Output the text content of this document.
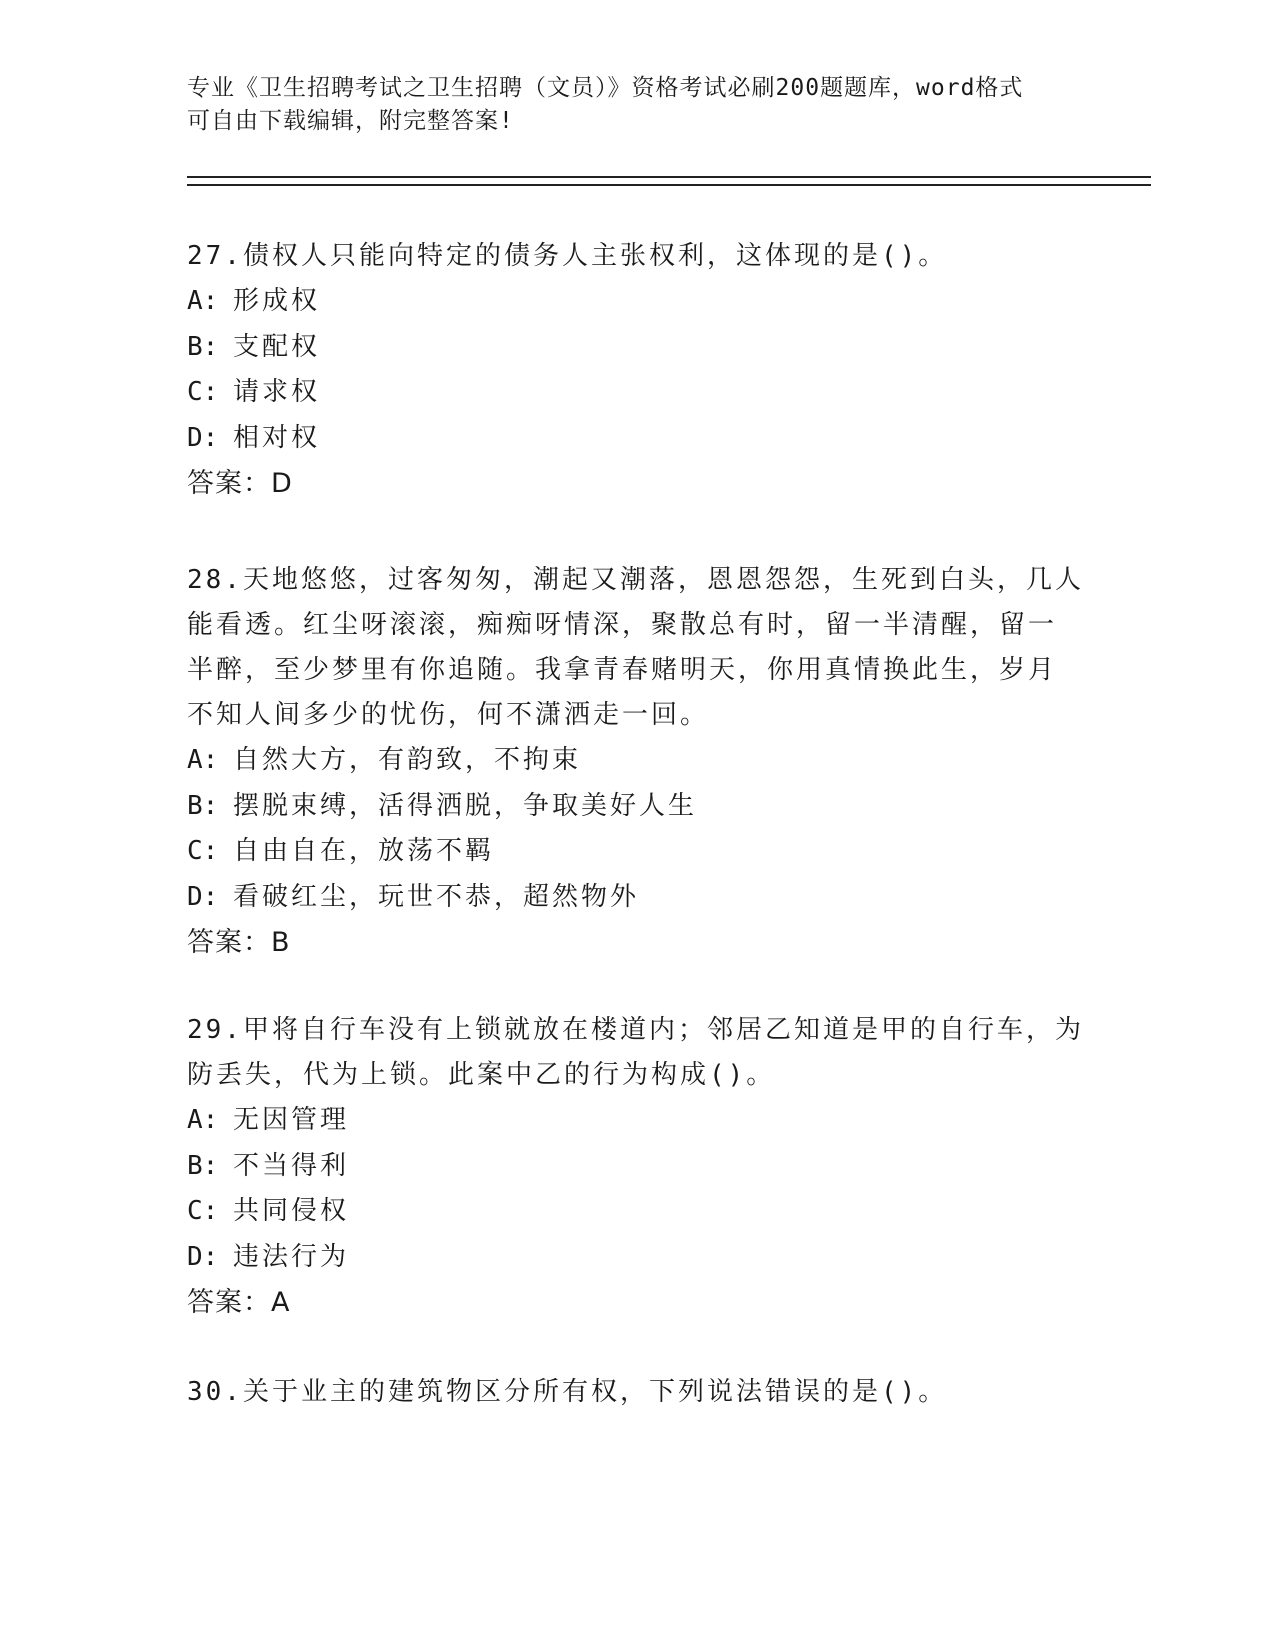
专业《卫生招聘考试之卫生招聘（文员）》资格考试必刷200题题库，word格式
可自由下载编辑，附完整答案!
27.债权人只能向特定的债务人主张权利，这体现的是()。
A: 形成权
B: 支配权
C: 请求权
D: 相对权
答案：D
28.天地悠悠，过客匆匆，潮起又潮落，恩恩怨怨，生死到白头，几人
能看透。红尘呀滚滚，痴痴呀情深，聚散总有时，留一半清醒，留一
半醉，至少梦里有你追随。我拿青春赌明天，你用真情换此生，岁月
不知人间多少的忧伤，何不潇洒走一回。
A: 自然大方，有韵致，不拘束
B: 摆脱束缚，活得洒脱，争取美好人生
C: 自由自在，放荡不羁
D: 看破红尘，玩世不恭，超然物外
答案：B
29.甲将自行车没有上锁就放在楼道内；邻居乙知道是甲的自行车，为
防丢失，代为上锁。此案中乙的行为构成()。
A: 无因管理
B: 不当得利
C: 共同侵权
D: 违法行为
答案：A
30.关于业主的建筑物区分所有权，下列说法错误的是()。
